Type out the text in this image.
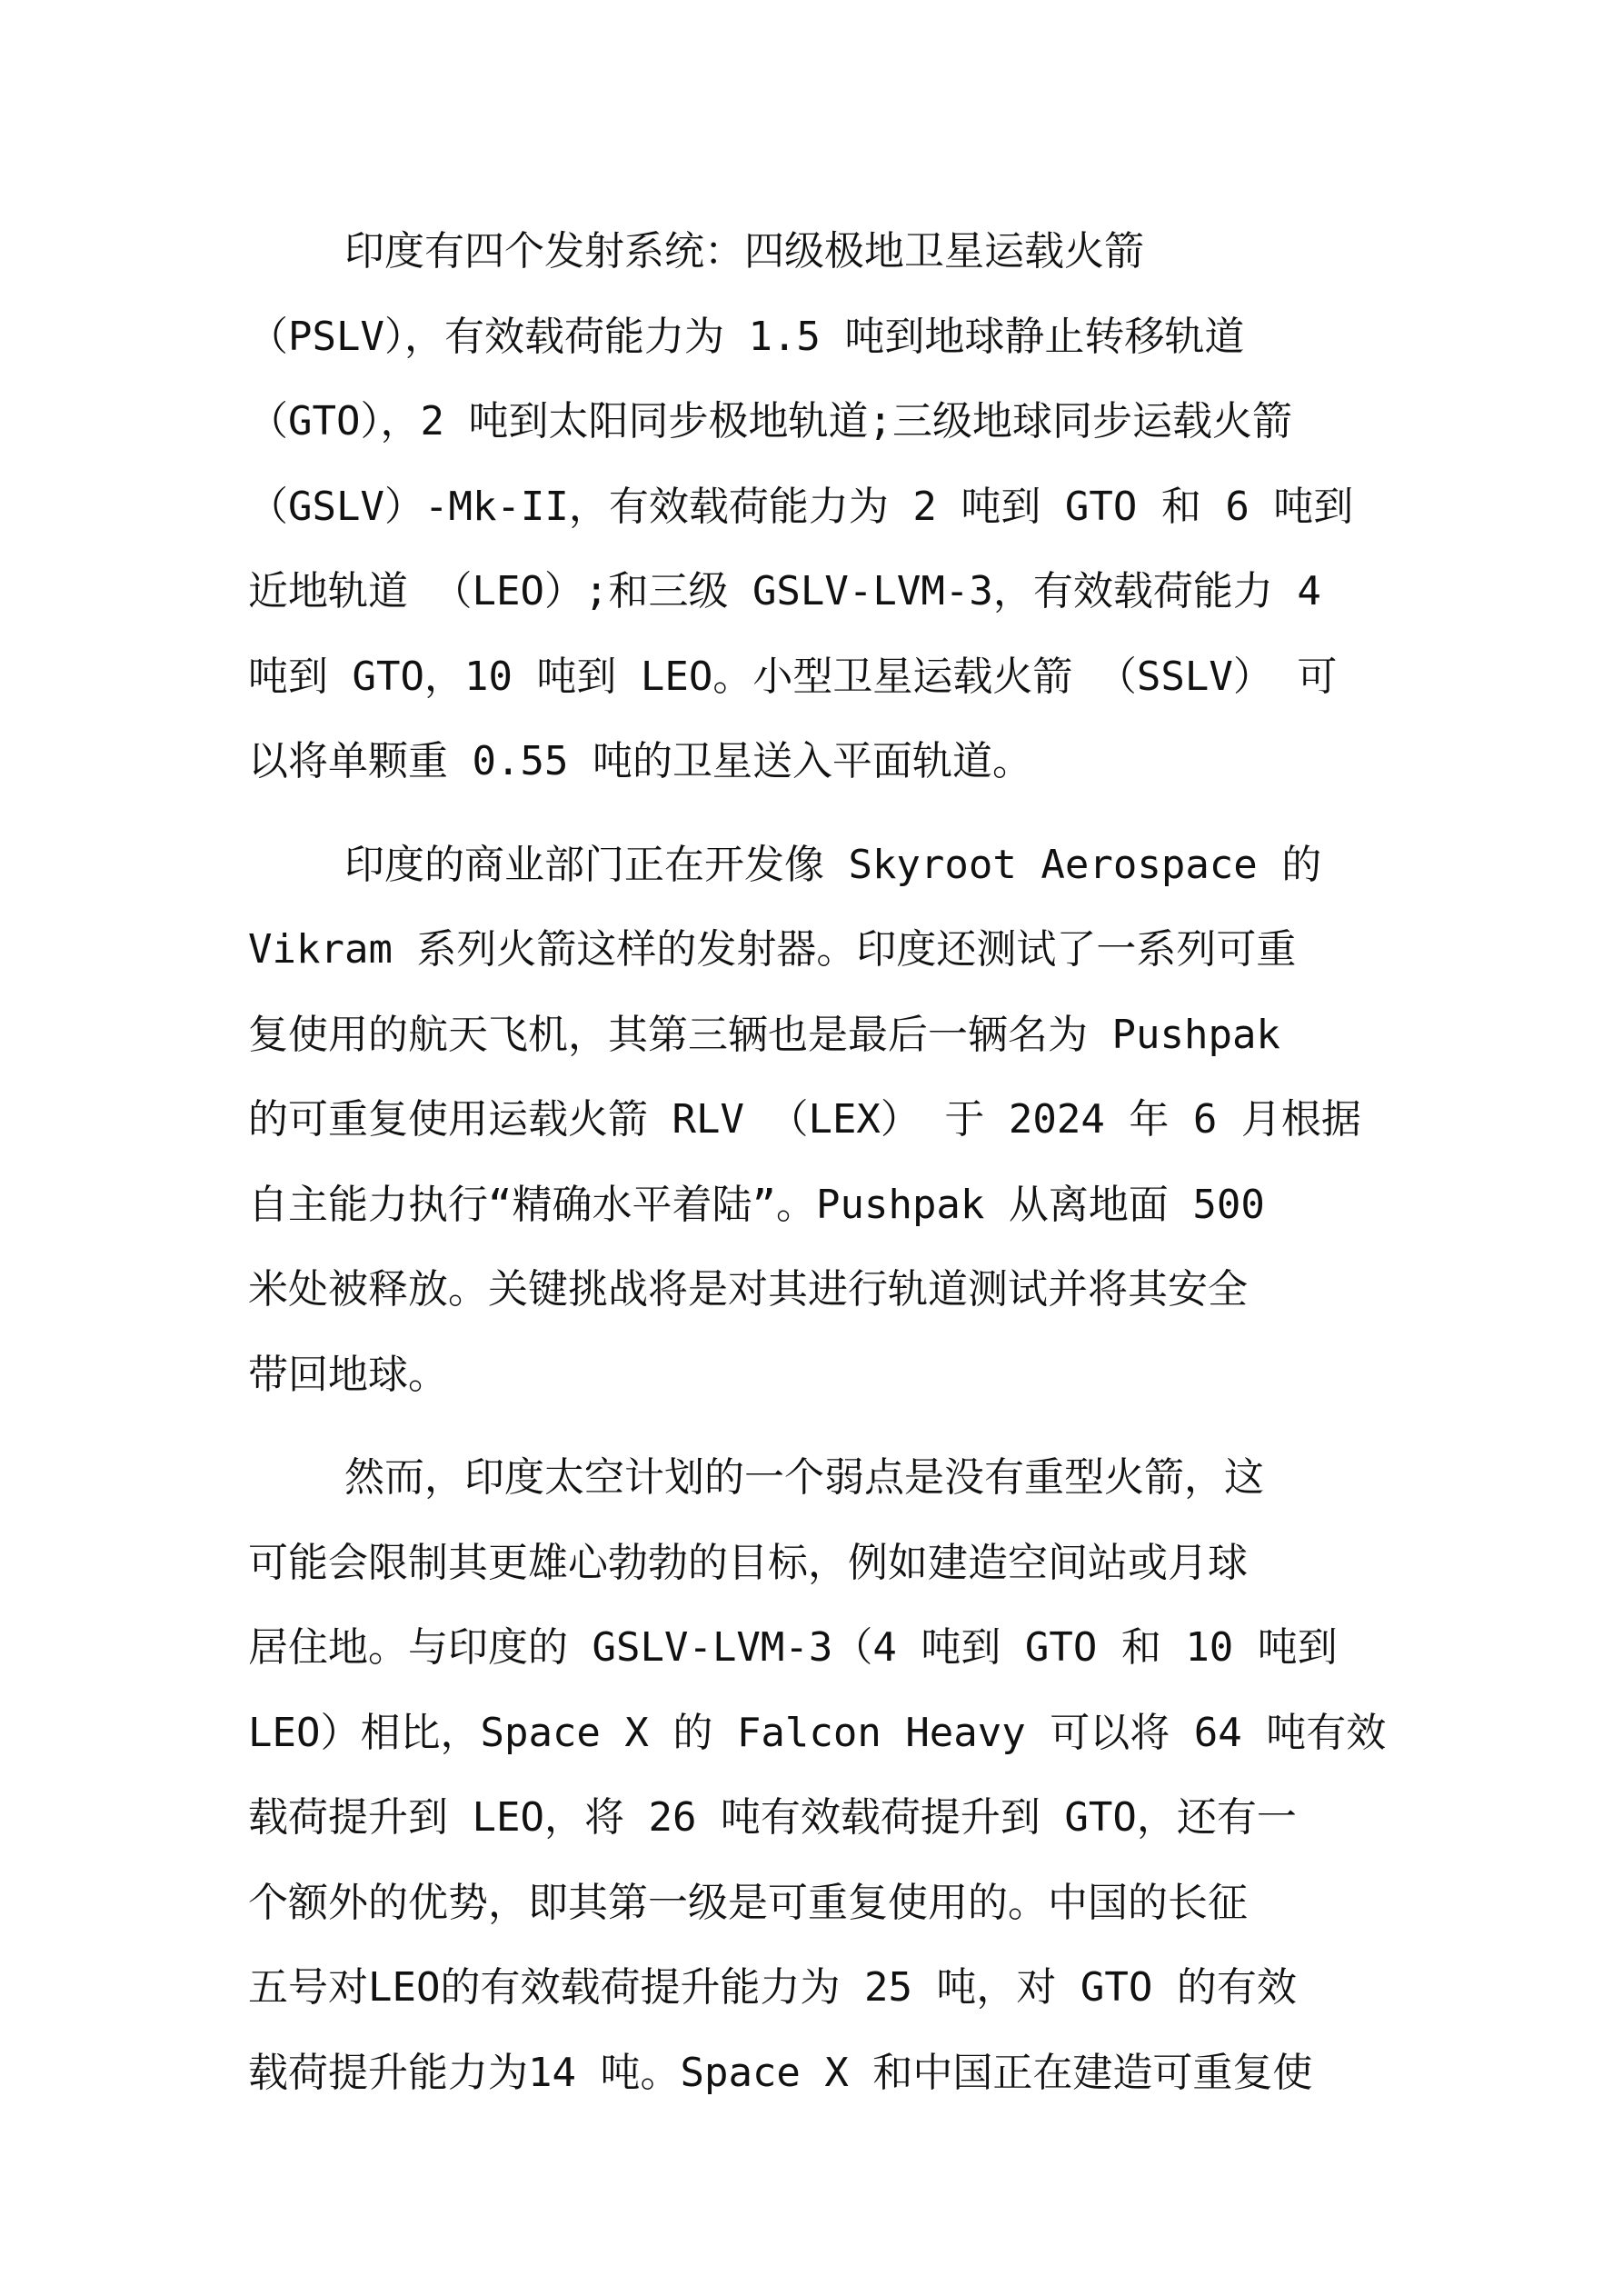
印度有四个发射系统：四级极地卫星运载火箭
（PSLV），有效载荷能力为 1.5 吨到地球静止转移轨道
（GTO），2 吨到太阳同步极地轨道;三级地球同步运载火箭
（GSLV）-Mk-II，有效载荷能力为 2 吨到 GTO 和 6 吨到
近地轨道 （LEO）;和三级 GSLV-LVM-3，有效载荷能力 4
吨到 GTO，10 吨到 LEO。小型卫星运载火箭 （SSLV） 可
以将单颗重 0.55 吨的卫星送入平面轨道。
印度的商业部门正在开发像 Skyroot Aerospace 的
Vikram 系列火箭这样的发射器。印度还测试了一系列可重
复使用的航天飞机，其第三辆也是最后一辆名为 Pushpak
的可重复使用运载火箭 RLV （LEX） 于 2024 年 6 月根据
自主能力执行“精确水平着陆”。Pushpak 从离地面 500
米处被释放。关键挑战将是对其进行轨道测试并将其安全
带回地球。
然而，印度太空计划的一个弱点是没有重型火箭，这
可能会限制其更雄心勃勃的目标，例如建造空间站或月球
居住地。与印度的 GSLV-LVM-3（4 吨到 GTO 和 10 吨到
LEO）相比，Space X 的 Falcon Heavy 可以将 64 吨有效
载荷提升到 LEO，将 26 吨有效载荷提升到 GTO，还有一
个额外的优势，即其第一级是可重复使用的。中国的长征
五号对LEO的有效载荷提升能力为 25 吨，对 GTO 的有效
载荷提升能力为14 吨。Space X 和中国正在建造可重复使
